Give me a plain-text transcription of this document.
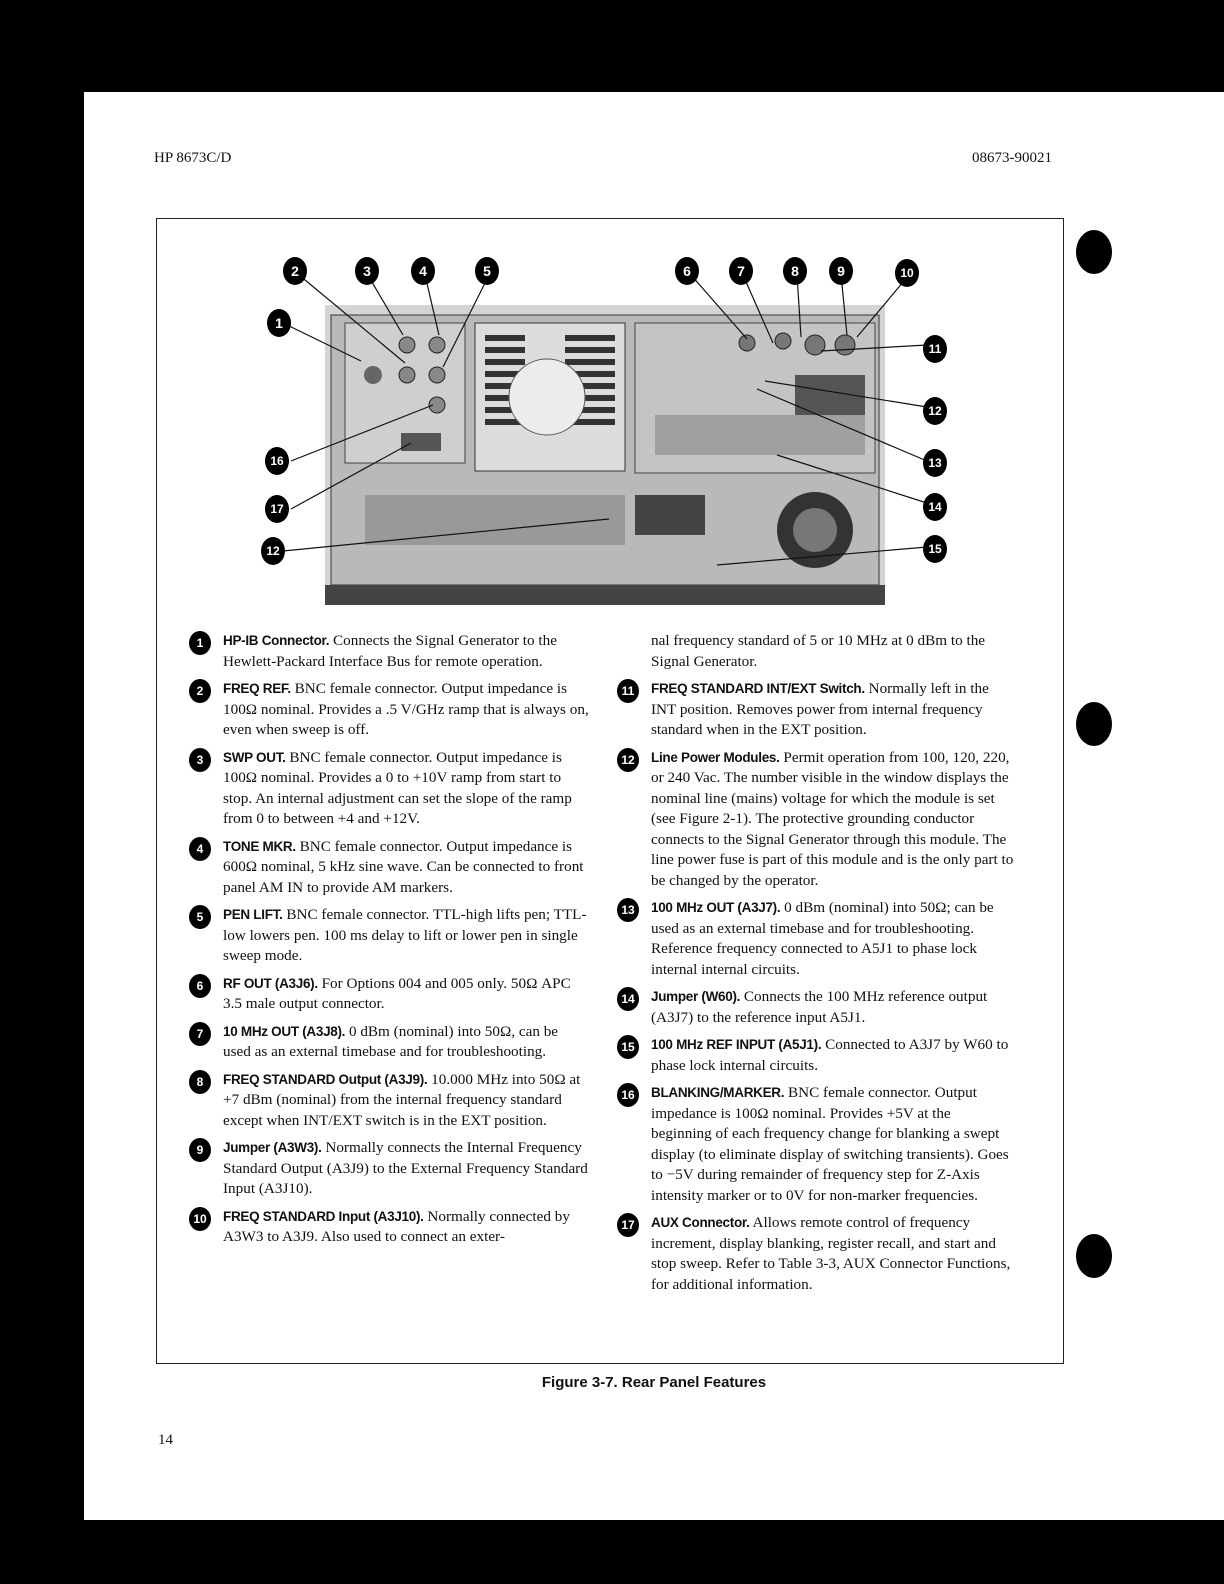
HP 8673C/D	08673-90021
1
2	3	4	5	6	7	8	9	10
11
12
13
14
15
16
17
12
1	HP-IB Connector. Connects the Signal Generator to the Hewlett-Packard Interface Bus for remote operation.
2	FREQ REF. BNC female connector. Output impedance is 100Ω nominal. Provides a .5 V/GHz ramp that is always on, even when sweep is off.
3	SWP OUT. BNC female connector. Output impedance is 100Ω nominal. Provides a 0 to +10V ramp from start to stop. An internal adjustment can set the slope of the ramp from 0 to between +4 and +12V.
4	TONE MKR. BNC female connector. Output impedance is 600Ω nominal, 5 kHz sine wave. Can be connected to front panel AM IN to provide AM markers.
5	PEN LIFT. BNC female connector. TTL-high lifts pen; TTL-low lowers pen. 100 ms delay to lift or lower pen in single sweep mode.
6	RF OUT (A3J6). For Options 004 and 005 only. 50Ω APC 3.5 male output connector.
7	10 MHz OUT (A3J8). 0 dBm (nominal) into 50Ω, can be used as an external timebase and for troubleshooting.
8	FREQ STANDARD Output (A3J9). 10.000 MHz into 50Ω at +7 dBm (nominal) from the internal frequency standard except when INT/EXT switch is in the EXT position.
9	Jumper (A3W3). Normally connects the Internal Frequency Standard Output (A3J9) to the External Frequency Standard Input (A3J10).
10	FREQ STANDARD Input (A3J10). Normally connected by A3W3 to A3J9. Also used to connect an exter-
nal frequency standard of 5 or 10 MHz at 0 dBm to the Signal Generator.
11	FREQ STANDARD INT/EXT Switch. Normally left in the INT position. Removes power from internal frequency standard when in the EXT position.
12	Line Power Modules. Permit operation from 100, 120, 220, or 240 Vac. The number visible in the window displays the nominal line (mains) voltage for which the module is set (see Figure 2-1). The protective grounding conductor connects to the Signal Generator through this module. The line power fuse is part of this module and is the only part to be changed by the operator.
13	100 MHz OUT (A3J7). 0 dBm (nominal) into 50Ω; can be used as an external timebase and for troubleshooting. Reference frequency connected to A5J1 to phase lock internal internal circuits.
14	Jumper (W60). Connects the 100 MHz reference output (A3J7) to the reference input A5J1.
15	100 MHz REF INPUT (A5J1). Connected to A3J7 by W60 to phase lock internal circuits.
16	BLANKING/MARKER. BNC female connector. Output impedance is 100Ω nominal. Provides +5V at the beginning of each frequency change for blanking a swept display (to eliminate display of switching transients). Goes to −5V during remainder of frequency step for Z-Axis intensity marker or to 0V for non-marker frequencies.
17	AUX Connector. Allows remote control of frequency increment, display blanking, register recall, and start and stop sweep. Refer to Table 3-3, AUX Connector Functions, for additional information.
Figure 3-7. Rear Panel Features
14
